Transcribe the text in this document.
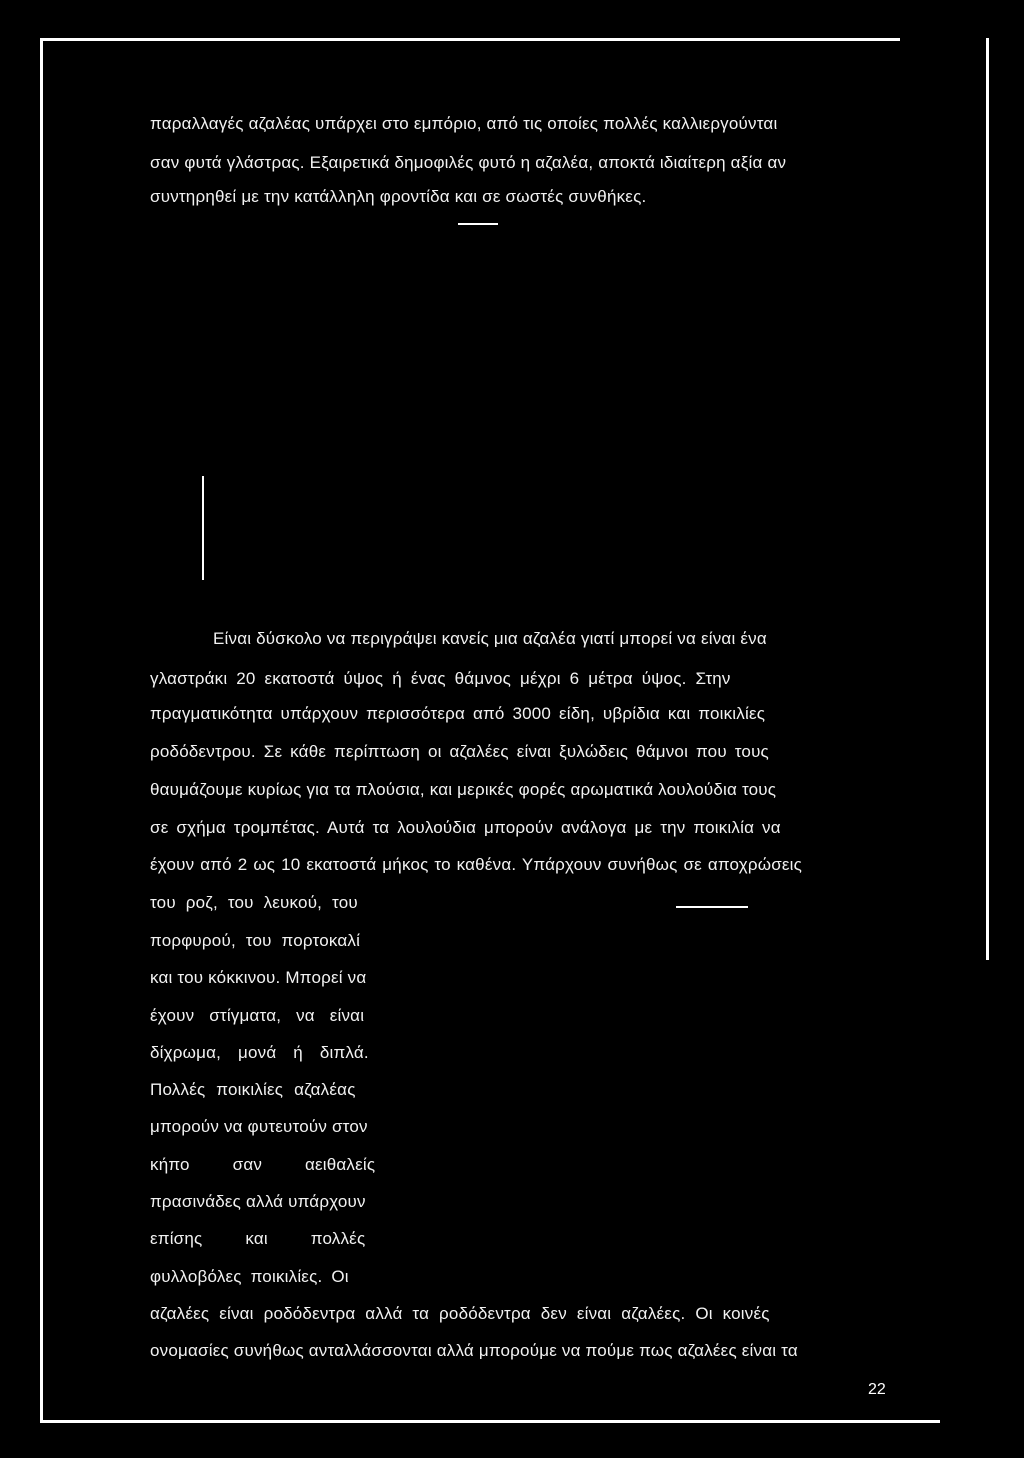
παραλλαγές αζαλέας υπάρχει στο εμπόριο, από τις οποίες πολλές καλλιεργούνται
σαν φυτά γλάστρας. Εξαιρετικά δημοφιλές φυτό η αζαλέα, αποκτά ιδιαίτερη αξία αν
συντηρηθεί με την κατάλληλη φροντίδα και σε σωστές συνθήκες.
Είναι δύσκολο να περιγράψει κανείς μια αζαλέα γιατί μπορεί να είναι ένα
γλαστράκι 20 εκατοστά ύψος ή ένας θάμνος μέχρι 6 μέτρα ύψος. Στην
πραγματικότητα υπάρχουν περισσότερα από 3000 είδη, υβρίδια και ποικιλίες
ροδόδεντρου. Σε κάθε περίπτωση οι αζαλέες είναι ξυλώδεις θάμνοι που τους
θαυμάζουμε κυρίως για τα πλούσια, και μερικές φορές αρωματικά λουλούδια τους
σε σχήμα τρομπέτας. Αυτά τα λουλούδια μπορούν ανάλογα με την ποικιλία να
έχουν από 2 ως 10 εκατοστά μήκος το καθένα. Υπάρχουν συνήθως σε αποχρώσεις
του ροζ, του λευκού, του
πορφυρού, του πορτοκαλί
και του κόκκινου. Μπορεί να
έχουν στίγματα, να είναι
δίχρωμα, μονά ή διπλά.
Πολλές ποικιλίες αζαλέας
μπορούν να φυτευτούν στον
κήπο σαν αειθαλείς
πρασινάδες αλλά υπάρχουν
επίσης και πολλές
φυλλοβόλες ποικιλίες. Οι
αζαλέες είναι ροδόδεντρα αλλά τα ροδόδεντρα δεν είναι αζαλέες. Οι κοινές
ονομασίες συνήθως ανταλλάσσονται αλλά μπορούμε να πούμε πως αζαλέες είναι τα
22
